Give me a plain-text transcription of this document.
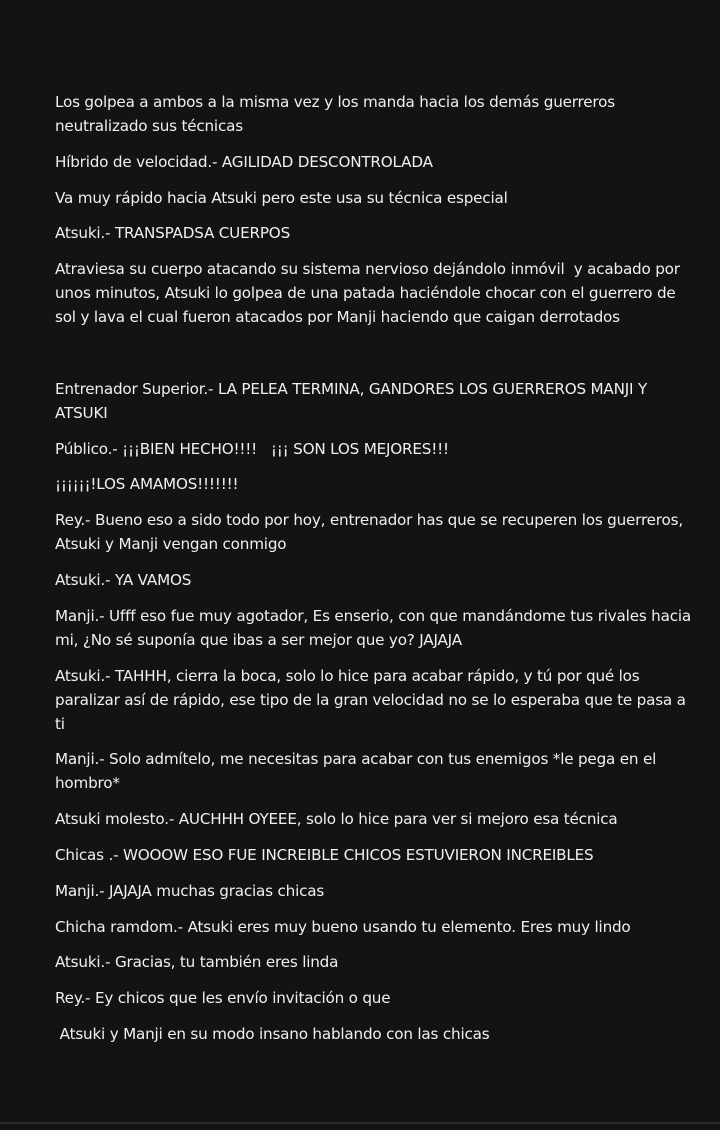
Los golpea a ambos a la misma vez y los manda hacia los demás guerreros neutralizado sus técnicas

Híbrido de velocidad.- AGILIDAD DESCONTROLADA

Va muy rápido hacia Atsuki pero este usa su técnica especial

Atsuki.- TRANSPADSA CUERPOS

Atraviesa su cuerpo atacando su sistema nervioso dejándolo inmóvil  y acabado por unos minutos, Atsuki lo golpea de una patada haciéndole chocar con el guerrero de sol y lava el cual fueron atacados por Manji haciendo que caigan derrotados

Entrenador Superior.- LA PELEA TERMINA, GANDORES LOS GUERREROS MANJI Y ATSUKI

Público.- ¡¡¡BIEN HECHO!!!!   ¡¡¡ SON LOS MEJORES!!!

¡¡¡¡¡¡!LOS AMAMOS!!!!!!!

Rey.- Bueno eso a sido todo por hoy, entrenador has que se recuperen los guerreros, Atsuki y Manji vengan conmigo

Atsuki.- YA VAMOS

Manji.- Ufff eso fue muy agotador, Es enserio, con que mandándome tus rivales hacia mi, ¿No sé suponía que ibas a ser mejor que yo? JAJAJA

Atsuki.- TAHHH, cierra la boca, solo lo hice para acabar rápido, y tú por qué los paralizar así de rápido, ese tipo de la gran velocidad no se lo esperaba que te pasa a ti

Manji.- Solo admítelo, me necesitas para acabar con tus enemigos *le pega en el hombro*

Atsuki molesto.- AUCHHH OYEEE, solo lo hice para ver si mejoro esa técnica

Chicas .- WOOOW ESO FUE INCREIBLE CHICOS ESTUVIERON INCREIBLES

Manji.- JAJAJA muchas gracias chicas

Chicha ramdom.- Atsuki eres muy bueno usando tu elemento. Eres muy lindo

Atsuki.- Gracias, tu también eres linda

Rey.- Ey chicos que les envío invitación o que

Atsuki y Manji en su modo insano hablando con las chicas
